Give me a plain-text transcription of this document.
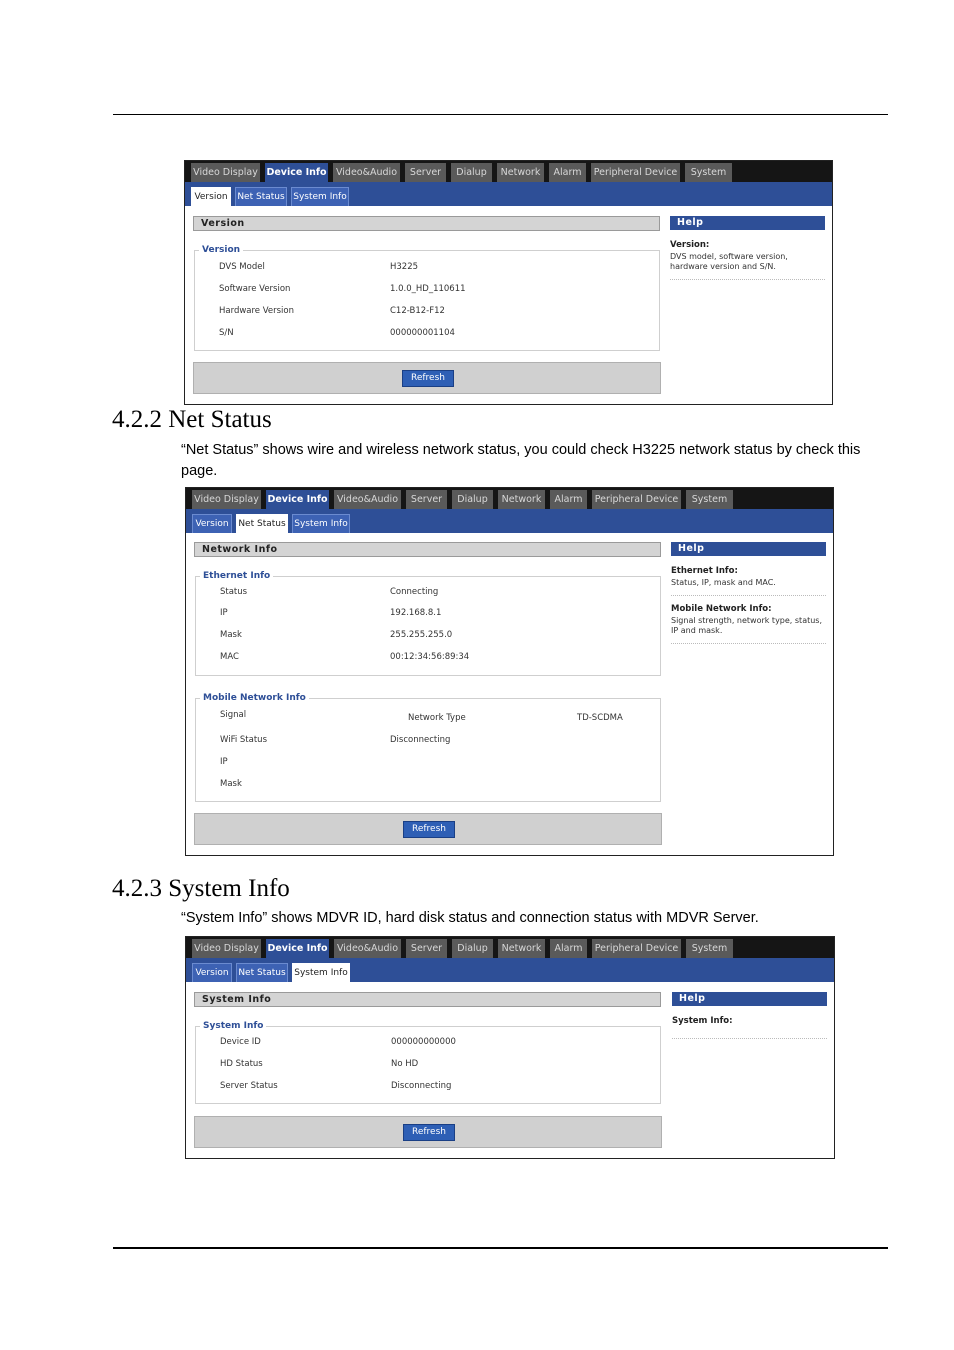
Video Display Device Info Video&Audio	Server	Dialup	Network	Alarm	Peripheral Device	System
Version	Net Status System Info
Version
Version
DVS Model	H3225
Software Version	1.0.0_HD_110611
Hardware Version	C12-B12-F12
S/N	000000001104
Refresh
Help
Version:
DVS model, software version, hardware version and S/N.
4.2.2 Net Status

“Net Status” shows wire and wireless network status, you could check H3225 network status by check this page.

Video Display Device Info Video&Audio	Server	Dialup	Network	Alarm	Peripheral Device	System
Version	Net Status System Info
Network Info
Ethernet Info
Status	Connecting
IP	192.168.8.1
Mask	255.255.255.0
MAC	00:12:34:56:89:34
Mobile Network Info
Signal	Network Type	TD-SCDMA
WiFi Status	Disconnecting
IP
Mask
Refresh
Help
Ethernet Info:
Status, IP, mask and MAC.
Mobile Network Info:
Signal strength, network type, status, IP and mask.
4.2.3 System Info

“System Info” shows MDVR ID, hard disk status and connection status with MDVR Server.

Video Display Device Info Video&Audio	Server	Dialup	Network	Alarm	Peripheral Device	System
Version	Net Status System Info
System Info
System Info
Device ID	000000000000
HD Status	No HD
Server Status	Disconnecting
Refresh
Help
System Info:
